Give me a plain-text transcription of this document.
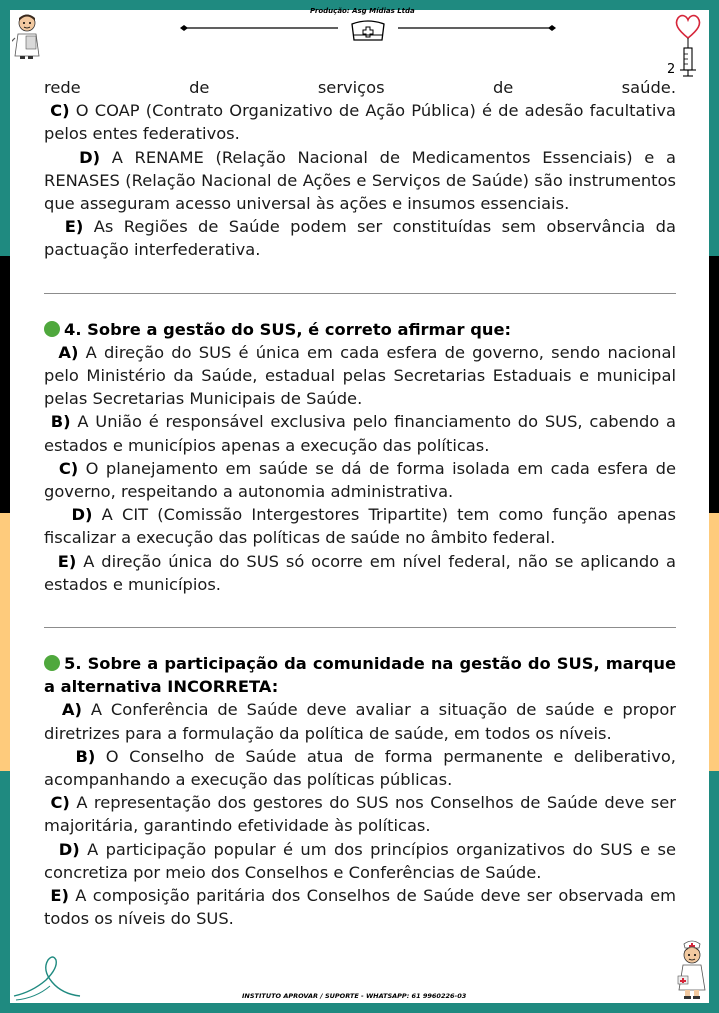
Produção: Asg Mídias Ltda
2

rede de serviços de saúde.

C) O COAP (Contrato Organizativo de Ação Pública) é de adesão facultativa pelos entes federativos.

D) A RENAME (Relação Nacional de Medicamentos Essenciais) e a RENASES (Relação Nacional de Ações e Serviços de Saúde) são instrumentos que asseguram acesso universal às ações e insumos essenciais.

E) As Regiões de Saúde podem ser constituídas sem observância da pactuação interfederativa.

4. Sobre a gestão do SUS, é correto afirmar que:

A) A direção do SUS é única em cada esfera de governo, sendo nacional pelo Ministério da Saúde, estadual pelas Secretarias Estaduais e municipal pelas Secretarias Municipais de Saúde.

B) A União é responsável exclusiva pelo financiamento do SUS, cabendo a estados e municípios apenas a execução das políticas.

C) O planejamento em saúde se dá de forma isolada em cada esfera de governo, respeitando a autonomia administrativa.

D) A CIT (Comissão Intergestores Tripartite) tem como função apenas fiscalizar a execução das políticas de saúde no âmbito federal.

E) A direção única do SUS só ocorre em nível federal, não se aplicando a estados e municípios.

5. Sobre a participação da comunidade na gestão do SUS, marque a alternativa INCORRETA:

A) A Conferência de Saúde deve avaliar a situação de saúde e propor diretrizes para a formulação da política de saúde, em todos os níveis.

B) O Conselho de Saúde atua de forma permanente e deliberativo, acompanhando a execução das políticas públicas.

C) A representação dos gestores do SUS nos Conselhos de Saúde deve ser majoritária, garantindo efetividade às políticas.

D) A participação popular é um dos princípios organizativos do SUS e se concretiza por meio dos Conselhos e Conferências de Saúde.

E) A composição paritária dos Conselhos de Saúde deve ser observada em todos os níveis do SUS.

INSTITUTO APROVAR / SUPORTE - WHATSAPP: 61 9960226-03
